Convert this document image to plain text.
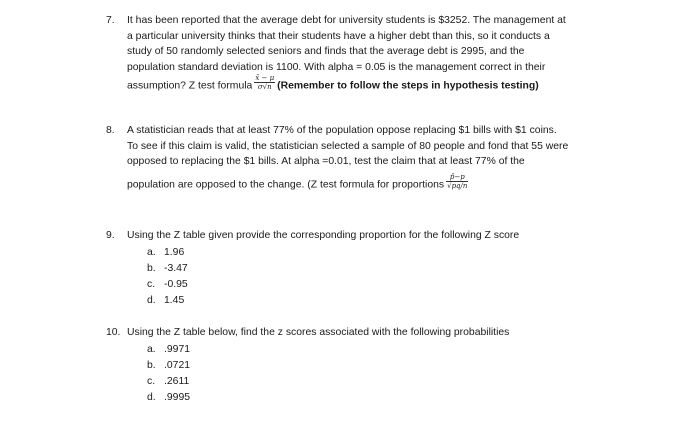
7. It has been reported that the average debt for university students is $3252. The management at
a particular university thinks that their students have a higher debt than this, so it conducts a
study of 50 randomly selected seniors and finds that the average debt is 2995, and the
population standard deviation is 1100. With alpha = 0.05 is the management correct in their
assumption? Z test formula $\frac{x̄ - \mu}{\sigma√n}$ (Remember to follow the steps in hypothesis testing)
8. A statistician reads that at least 77% of the population oppose replacing $1 bills with $1 coins.
To see if this claim is valid, the statistician selected a sample of 80 people and fond that 55 were
opposed to replacing the $1 bills. At alpha =0.01, test the claim that at least 77% of the
population are opposed to the change. (Z test formula for proportions $\frac{p̂-p}{√pq/n}$
9. Using the Z table given provide the corresponding proportion for the following Z score
a. 1.96
b. -3.47
c. -0.95
d. 1.45
10. Using the Z table below, find the z scores associated with the following probabilities
a. .9971
b. .0721
c. .2611
d. .9995
